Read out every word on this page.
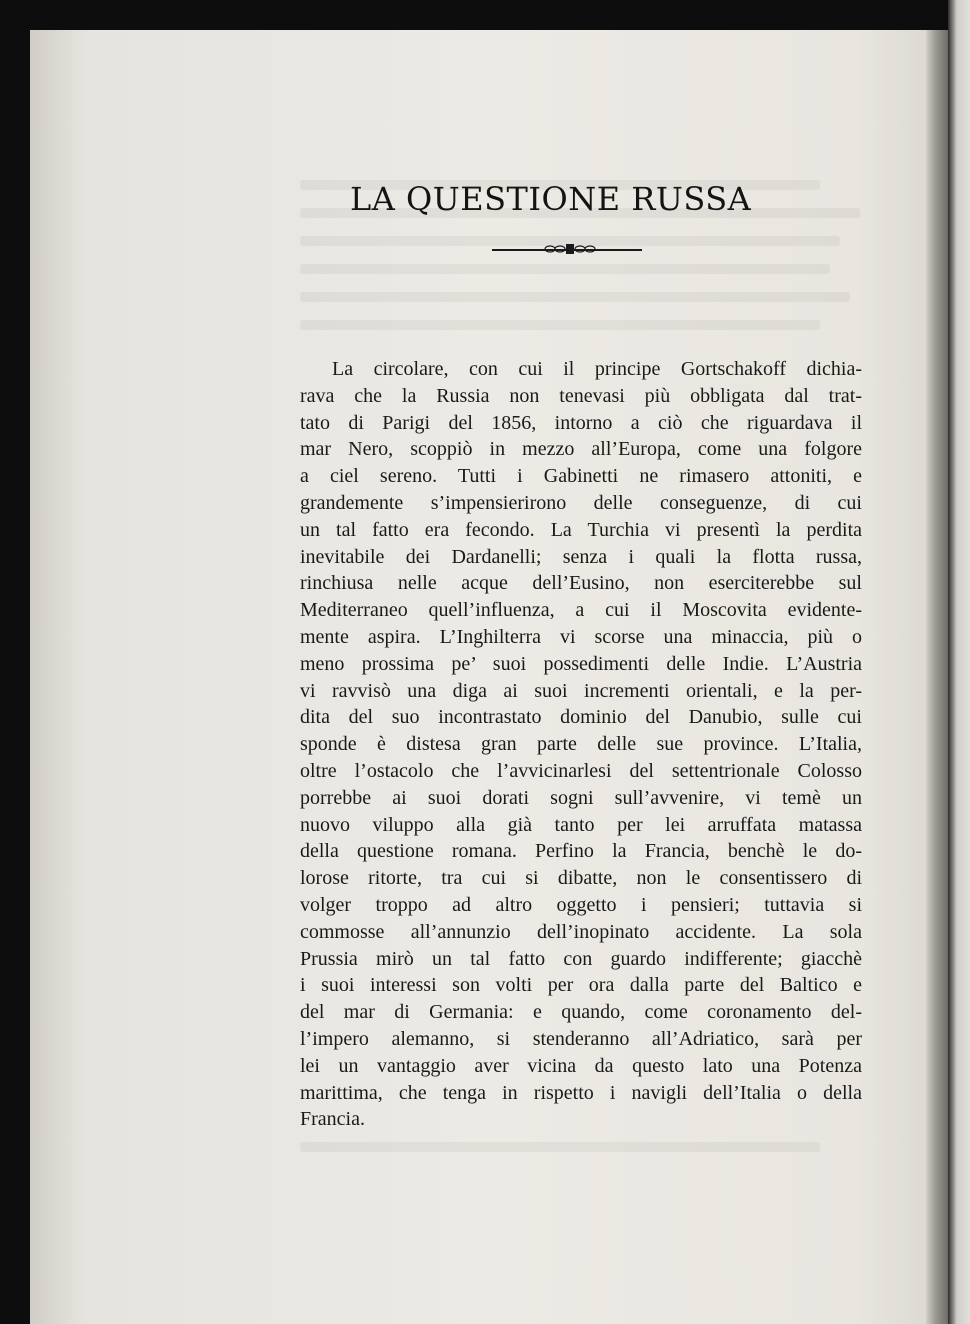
LA QUESTIONE RUSSA
La circolare, con cui il principe Gortschakoff dichia-
rava che la Russia non tenevasi più obbligata dal trat-
tato di Parigi del 1856, intorno a ciò che riguardava il
mar Nero, scoppiò in mezzo all’Europa, come una folgore
a ciel sereno. Tutti i Gabinetti ne rimasero attoniti, e
grandemente s’impensierirono delle conseguenze, di cui
un tal fatto era fecondo. La Turchia vi presentì la perdita
inevitabile dei Dardanelli; senza i quali la flotta russa,
rinchiusa nelle acque dell’Eusino, non eserciterebbe sul
Mediterraneo quell’influenza, a cui il Moscovita evidente-
mente aspira. L’Inghilterra vi scorse una minaccia, più o
meno prossima pe’ suoi possedimenti delle Indie. L’Austria
vi ravvisò una diga ai suoi incrementi orientali, e la per-
dita del suo incontrastato dominio del Danubio, sulle cui
sponde è distesa gran parte delle sue province. L’Italia,
oltre l’ostacolo che l’avvicinarlesi del settentrionale Colosso
porrebbe ai suoi dorati sogni sull’avvenire, vi temè un
nuovo viluppo alla già tanto per lei arruffata matassa
della questione romana. Perfino la Francia, benchè le do-
lorose ritorte, tra cui si dibatte, non le consentissero di
volger troppo ad altro oggetto i pensieri; tuttavia si
commosse all’annunzio dell’inopinato accidente. La sola
Prussia mirò un tal fatto con guardo indifferente; giacchè
i suoi interessi son volti per ora dalla parte del Baltico e
del mar di Germania: e quando, come coronamento del-
l’impero alemanno, si stenderanno all’Adriatico, sarà per
lei un vantaggio aver vicina da questo lato una Potenza
marittima, che tenga in rispetto i navigli dell’Italia o della
Francia.
